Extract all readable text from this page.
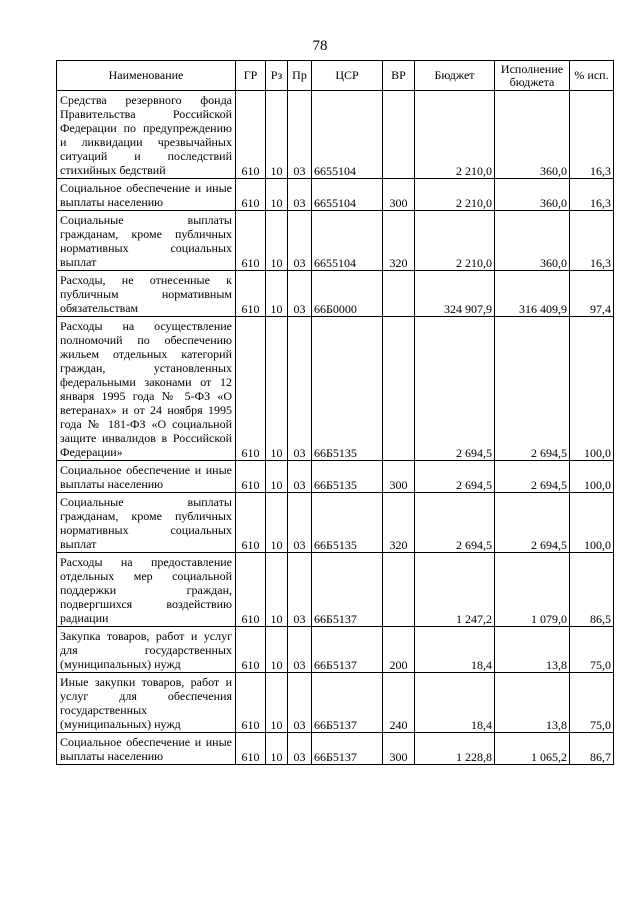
78
Наименование	ГР	Рз	Пр	ЦСР	ВР	Бюджет	Исполнение бюджета	% исп.
Средства резервного фонда Правительства Российской Федерации по предупреждению и ликвидации чрезвычайных ситуаций и последствий стихийных бедствий	610	10	03	6655104		2 210,0	360,0	16,3
Социальное обеспечение и иные выплаты населению	610	10	03	6655104	300	2 210,0	360,0	16,3
Социальные выплаты гражданам, кроме публичных нормативных социальных выплат	610	10	03	6655104	320	2 210,0	360,0	16,3
Расходы, не отнесенные к публичным нормативным обязательствам	610	10	03	66Б0000		324 907,9	316 409,9	97,4
Расходы на осуществление полномочий по обеспечению жильем отдельных категорий граждан, установленных федеральными законами от 12 января 1995 года № 5-ФЗ «О ветеранах» и от 24 ноября 1995 года № 181-ФЗ «О социальной защите инвалидов в Российской Федерации»	610	10	03	66Б5135		2 694,5	2 694,5	100,0
Социальное обеспечение и иные выплаты населению	610	10	03	66Б5135	300	2 694,5	2 694,5	100,0
Социальные выплаты гражданам, кроме публичных нормативных социальных выплат	610	10	03	66Б5135	320	2 694,5	2 694,5	100,0
Расходы на предоставление отдельных мер социальной поддержки граждан, подвергшихся воздействию радиации	610	10	03	66Б5137		1 247,2	1 079,0	86,5
Закупка товаров, работ и услуг для государственных (муниципальных) нужд	610	10	03	66Б5137	200	18,4	13,8	75,0
Иные закупки товаров, работ и услуг для обеспечения государственных (муниципальных) нужд	610	10	03	66Б5137	240	18,4	13,8	75,0
Социальное обеспечение и иные выплаты населению	610	10	03	66Б5137	300	1 228,8	1 065,2	86,7
